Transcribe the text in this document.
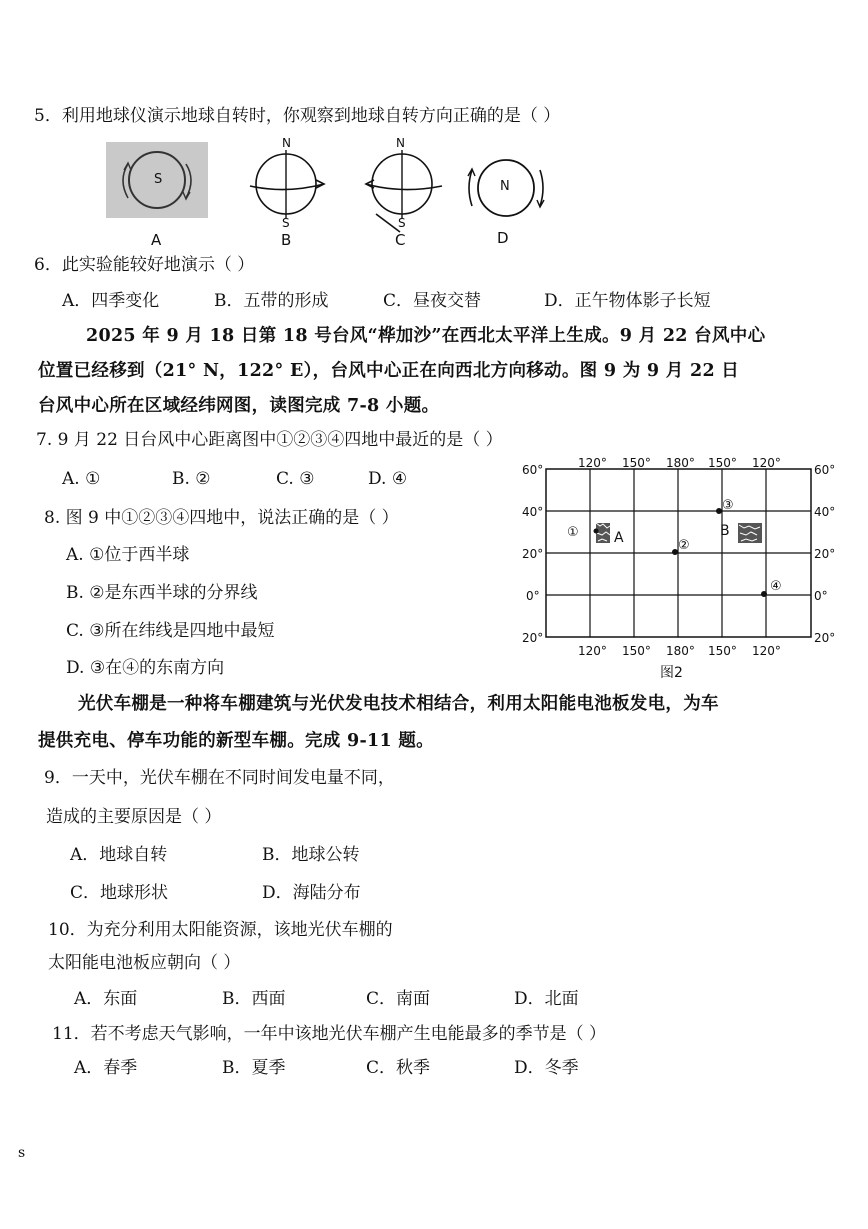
5．利用地球仪演示地球自转时，你观察到地球自转方向正确的是（ ）
S
A
N
S
B
N
S
C
N
D
6．此实验能较好地演示（ ）
A．四季变化	B．五带的形成	C．昼夜交替	D．正午物体影子长短
2025 年 9 月 18 日第 18 号台风“桦加沙”在西北太平洋上生成。9 月 22 台风中心
位置已经移到（21° N，122° E），台风中心正在向西北方向移动。图 9 为 9 月 22 日
台风中心所在区域经纬网图，读图完成 7-8 小题。
7. 9 月 22 日台风中心距离图中①②③④四地中最近的是（ ）
A. ①	B. ②	C. ③	D. ④
8. 图 9 中①②③④四地中，说法正确的是（ ）
A. ①位于西半球
B. ②是东西半球的分界线
C. ③所在纬线是四地中最短
D. ③在④的东南方向
120° 150° 180° 150° 120°
120° 150° 180° 150° 120°
60°
40°
20°
0°
20°
60°
40°
20°
0°
20°
A	B
①
②
③
④
图2
光伏车棚是一种将车棚建筑与光伏发电技术相结合，利用太阳能电池板发电，为车
提供充电、停车功能的新型车棚。完成 9-11 题。
9．一天中，光伏车棚在不同时间发电量不同，
造成的主要原因是（ ）
A．地球自转	B．地球公转
C．地球形状	D．海陆分布
10．为充分利用太阳能资源，该地光伏车棚的
太阳能电池板应朝向（ ）
A．东面	B．西面	C．南面	D．北面
11．若不考虑天气影响，一年中该地光伏车棚产生电能最多的季节是（ ）
A．春季	B．夏季	C．秋季	D．冬季
s
